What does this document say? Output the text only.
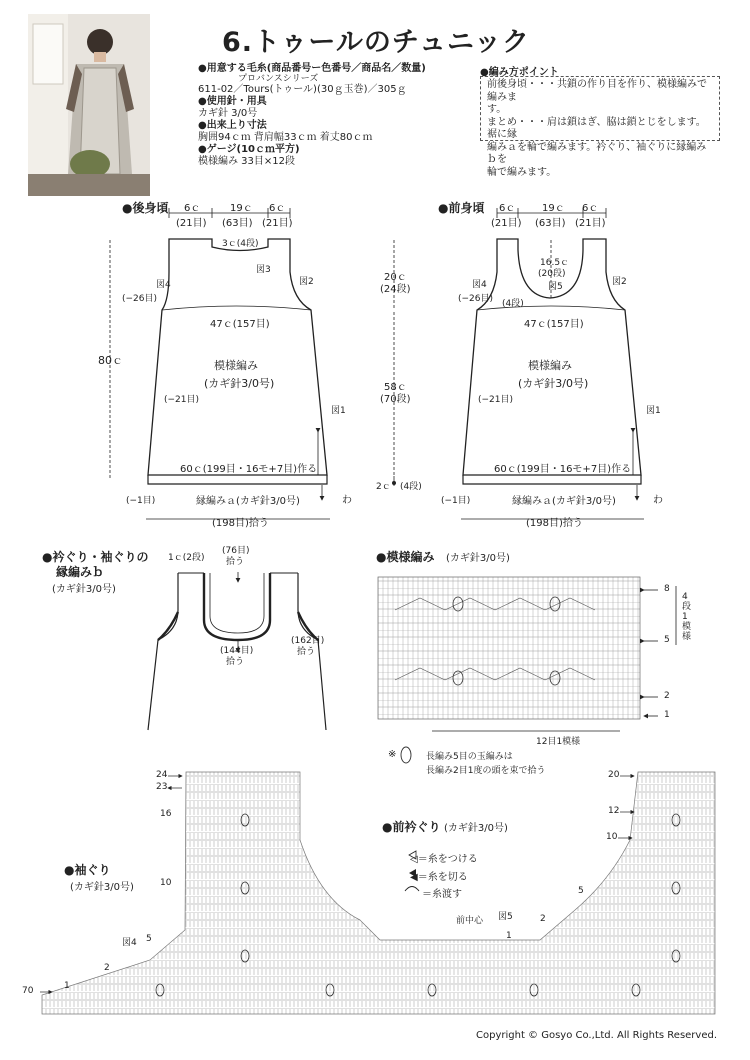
6.トゥールのチュニック
●用意する毛糸(商品番号ー色番号／商品名／数量)
プロバンスシリーズ
611-02／Tours(トゥール)(30ｇ玉巻)／305ｇ
●使用針・用具
カギ針 3/0号
●出来上り寸法
胸囲94ｃｍ 背肩幅33ｃｍ 着丈80ｃｍ
●ゲージ(10ｃｍ平方)
模様編み 33目×12段
●編み方ポイント
前後身頃・・・共鎖の作り目を作り、模様編みで編みま
す。
まとめ・・・肩は鎖はぎ、脇は鎖とじをします。裾に縁
編みａを輪で編みます。衿ぐり、袖ぐりに縁編みｂを
輪で編みます。
●後身頃 6ｃ	19ｃ 6ｃ
(21目) (63目) (21目)
3ｃ(4段)
図3
図2
図4
(−26目)
47ｃ(157目)
模様編み
(カギ針3/0号)
(−21目)
図1
80ｃ
60ｃ(199目・16モ+7目)作る
縁編みａ(カギ針3/0号)
(−1目)	わ
(198目)拾う
20ｃ
(24段)
58ｃ
(70段)
2ｃ (4段)
●前身頃 6ｃ	19ｃ 6ｃ
(21目) (63目) (21目)
16.5ｃ
(20段)
図5
(4段)
図4	図2
(−26目)
47ｃ(157目)
模様編み
(カギ針3/0号)
(−21目)
図1
60ｃ(199目・16モ+7目)作る
縁編みａ(カギ針3/0号)
(−1目)	わ
(198目)拾う
●衿ぐり・袖ぐりの
縁編みｂ
(カギ針3/0号)
1ｃ(2段)
(76目)
拾う
(144目)
拾う
(162目)
拾う
●模様編み (カギ針3/0号)
8
5
2
1
4段1模様
12目1模様
※	長編み5目の玉編みは
長編み2目1度の頭を束で拾う
●袖ぐり
(カギ針3/0号)
●前衿ぐり (カギ針3/0号)
◁＝糸をつける
◀＝糸を切る
＝糸渡す
前中心 図5
図4
24
23
16
10
5
2
1
70
20
12
10
5
2
1
Copyright © Gosyo Co.,Ltd. All Rights Reserved.
